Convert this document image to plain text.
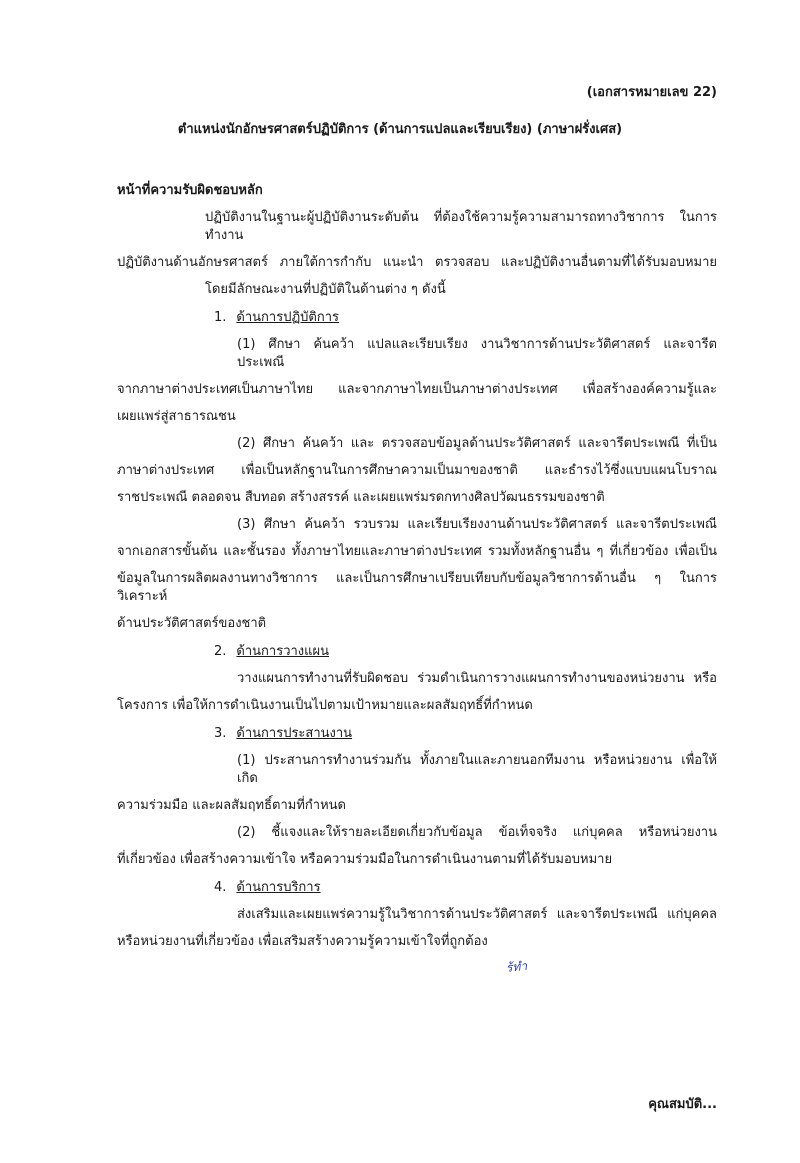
(เอกสารหมายเลข 22)
ตำแหน่งนักอักษรศาสตร์ปฏิบัติการ (ด้านการแปลและเรียบเรียง) (ภาษาฝรั่งเศส)
หน้าที่ความรับผิดชอบหลัก
ปฏิบัติงานในฐานะผู้ปฏิบัติงานระดับต้น ที่ต้องใช้ความรู้ความสามารถทางวิชาการ ในการทำงาน
ปฏิบัติงานด้านอักษรศาสตร์ ภายใต้การกำกับ แนะนำ ตรวจสอบ และปฏิบัติงานอื่นตามที่ได้รับมอบหมาย
โดยมีลักษณะงานที่ปฏิบัติในด้านต่าง ๆ ดังนี้
1. ด้านการปฏิบัติการ
(1) ศึกษา ค้นคว้า แปลและเรียบเรียง งานวิชาการด้านประวัติศาสตร์ และจารีตประเพณี
จากภาษาต่างประเทศเป็นภาษาไทย และจากภาษาไทยเป็นภาษาต่างประเทศ เพื่อสร้างองค์ความรู้และ
เผยแพร่สู่สาธารณชน
(2) ศึกษา ค้นคว้า และ ตรวจสอบข้อมูลด้านประวัติศาสตร์ และจารีตประเพณี ที่เป็น
ภาษาต่างประเทศ เพื่อเป็นหลักฐานในการศึกษาความเป็นมาของชาติ และธำรงไว้ซึ่งแบบแผนโบราณ
ราชประเพณี ตลอดจน สืบทอด สร้างสรรค์ และเผยแพร่มรดกทางศิลปวัฒนธรรมของชาติ
(3) ศึกษา ค้นคว้า รวบรวม และเรียบเรียงงานด้านประวัติศาสตร์ และจารีตประเพณี
จากเอกสารขั้นต้น และชั้นรอง ทั้งภาษาไทยและภาษาต่างประเทศ รวมทั้งหลักฐานอื่น ๆ ที่เกี่ยวข้อง เพื่อเป็น
ข้อมูลในการผลิตผลงานทางวิชาการ และเป็นการศึกษาเปรียบเทียบกับข้อมูลวิชาการด้านอื่น ๆ ในการวิเคราะห์
ด้านประวัติศาสตร์ของชาติ
2. ด้านการวางแผน
วางแผนการทำงานที่รับผิดชอบ ร่วมดำเนินการวางแผนการทำงานของหน่วยงาน หรือ
โครงการ เพื่อให้การดำเนินงานเป็นไปตามเป้าหมายและผลสัมฤทธิ์ที่กำหนด
3. ด้านการประสานงาน
(1) ประสานการทำงานร่วมกัน ทั้งภายในและภายนอกทีมงาน หรือหน่วยงาน เพื่อให้เกิด
ความร่วมมือ และผลสัมฤทธิ์ตามที่กำหนด
(2) ชี้แจงและให้รายละเอียดเกี่ยวกับข้อมูล ข้อเท็จจริง แก่บุคคล หรือหน่วยงาน
ที่เกี่ยวข้อง เพื่อสร้างความเข้าใจ หรือความร่วมมือในการดำเนินงานตามที่ได้รับมอบหมาย
4. ด้านการบริการ
ส่งเสริมและเผยแพร่ความรู้ในวิชาการด้านประวัติศาสตร์ และจารีตประเพณี แก่บุคคล
หรือหน่วยงานที่เกี่ยวข้อง เพื่อเสริมสร้างความรู้ความเข้าใจที่ถูกต้อง
ร้ทำ
คุณสมบัติ...
